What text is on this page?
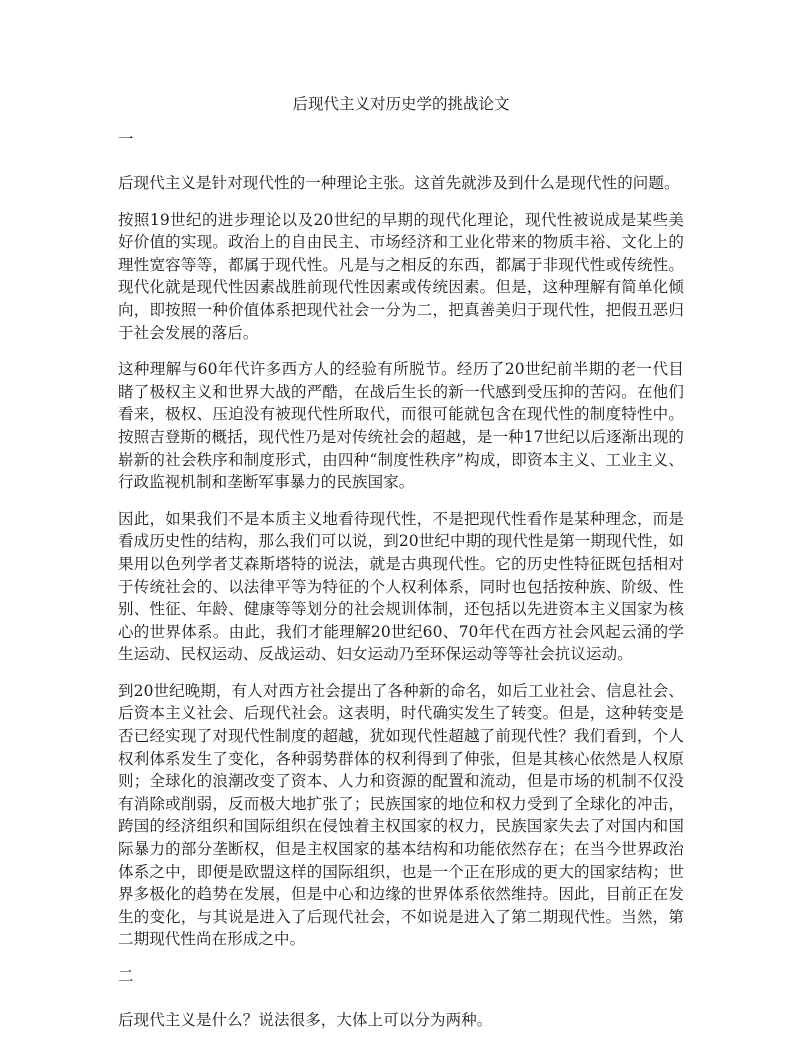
后现代主义对历史学的挑战论文
一

后现代主义是针对现代性的一种理论主张。这首先就涉及到什么是现代性的问题。

按照19世纪的进步理论以及20世纪的早期的现代化理论，现代性被说成是某些美好价值的实现。政治上的自由民主、市场经济和工业化带来的物质丰裕、文化上的理性宽容等等，都属于现代性。凡是与之相反的东西，都属于非现代性或传统性。现代化就是现代性因素战胜前现代性因素或传统因素。但是，这种理解有简单化倾向，即按照一种价值体系把现代社会一分为二，把真善美归于现代性，把假丑恶归于社会发展的落后。

这种理解与60年代许多西方人的经验有所脱节。经历了20世纪前半期的老一代目睹了极权主义和世界大战的严酷，在战后生长的新一代感到受压抑的苦闷。在他们看来，极权、压迫没有被现代性所取代，而很可能就包含在现代性的制度特性中。按照吉登斯的概括，现代性乃是对传统社会的超越，是一种17世纪以后逐渐出现的崭新的社会秩序和制度形式，由四种“制度性秩序”构成，即资本主义、工业主义、行政监视机制和垄断军事暴力的民族国家。

因此，如果我们不是本质主义地看待现代性，不是把现代性看作是某种理念，而是看成历史性的结构，那么我们可以说，到20世纪中期的现代性是第一期现代性，如果用以色列学者艾森斯塔特的说法，就是古典现代性。它的历史性特征既包括相对于传统社会的、以法律平等为特征的个人权利体系，同时也包括按种族、阶级、性别、性征、年龄、健康等等划分的社会规训体制，还包括以先进资本主义国家为核心的世界体系。由此，我们才能理解20世纪60、70年代在西方社会风起云涌的学生运动、民权运动、反战运动、妇女运动乃至环保运动等等社会抗议运动。

到20世纪晚期，有人对西方社会提出了各种新的命名，如后工业社会、信息社会、后资本主义社会、后现代社会。这表明，时代确实发生了转变。但是，这种转变是否已经实现了对现代性制度的超越，犹如现代性超越了前现代性？我们看到，个人权利体系发生了变化，各种弱势群体的权利得到了伸张，但是其核心依然是人权原则；全球化的浪潮改变了资本、人力和资源的配置和流动，但是市场的机制不仅没有消除或削弱，反而极大地扩张了；民族国家的地位和权力受到了全球化的冲击，跨国的经济组织和国际组织在侵蚀着主权国家的权力，民族国家失去了对国内和国际暴力的部分垄断权，但是主权国家的基本结构和功能依然存在；在当今世界政治体系之中，即便是欧盟这样的国际组织，也是一个正在形成的更大的国家结构；世界多极化的趋势在发展，但是中心和边缘的世界体系依然维持。因此，目前正在发生的变化，与其说是进入了后现代社会，不如说是进入了第二期现代性。当然，第二期现代性尚在形成之中。

二

后现代主义是什么？说法很多，大体上可以分为两种。
